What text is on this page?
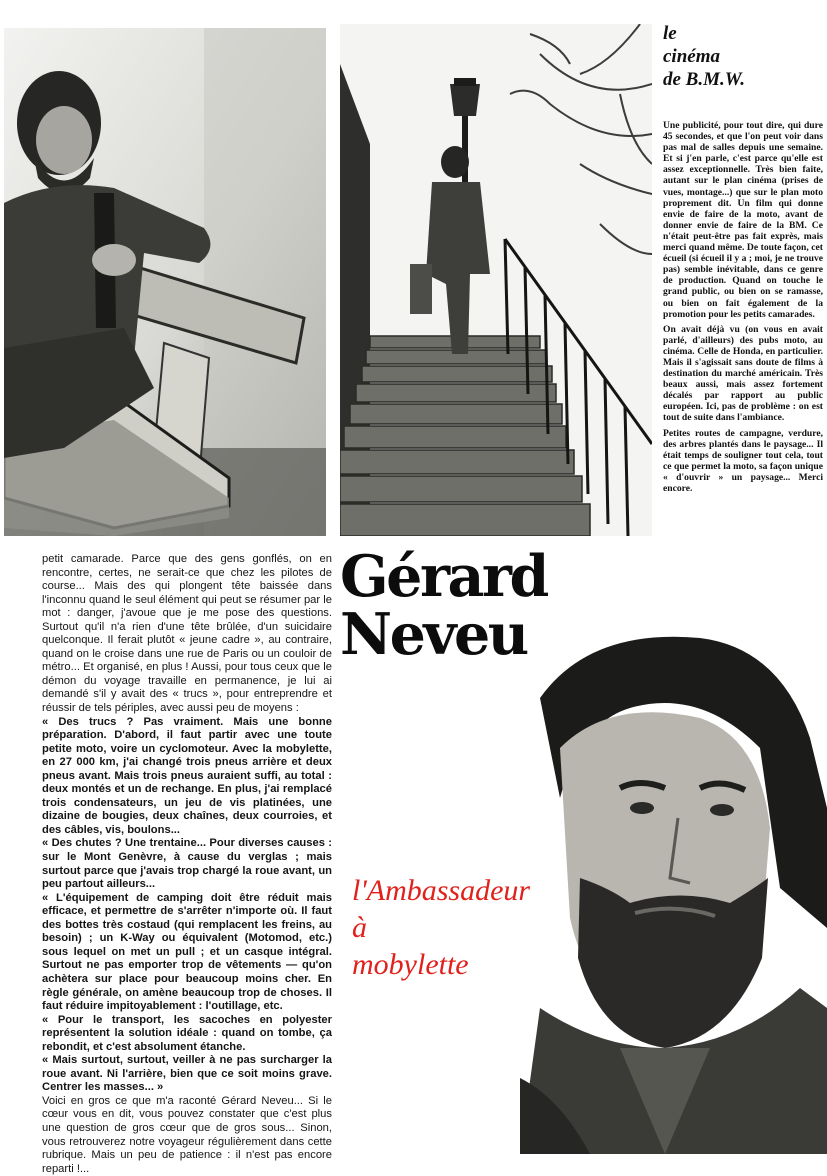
le
cinéma
de B.M.W.

Une publicité, pour tout dire, qui dure 45 secondes, et que l'on peut voir dans pas mal de salles depuis une semaine. Et si j'en parle, c'est parce qu'elle est assez exceptionnelle. Très bien faite, autant sur le plan cinéma (prises de vues, montage...) que sur le plan moto proprement dit. Un film qui donne envie de faire de la moto, avant de donner envie de faire de la BM. Ce n'était peut-être pas fait exprès, mais merci quand même. De toute façon, cet écueil (si écueil il y a ; moi, je ne trouve pas) semble inévitable, dans ce genre de production. Quand on touche le grand public, ou bien on se ramasse, ou bien on fait également de la promotion pour les petits camarades.

On avait déjà vu (on vous en avait parlé, d'ailleurs) des pubs moto, au cinéma. Celle de Honda, en particulier. Mais il s'agissait sans doute de films à destination du marché américain. Très beaux aussi, mais assez fortement décalés par rapport au public européen. Ici, pas de problème : on est tout de suite dans l'ambiance.

Petites routes de campagne, verdure, des arbres plantés dans le paysage... Il était temps de souligner tout cela, tout ce que permet la moto, sa façon unique « d'ouvrir » un paysage... Merci encore.

Gérard
Neveu
l'Ambassadeur
à
mobylette

petit camarade. Parce que des gens gonflés, on en rencontre, certes, ne serait-ce que chez les pilotes de course... Mais des qui plongent tête baissée dans l'inconnu quand le seul élément qui peut se résumer par le mot : danger, j'avoue que je me pose des questions. Surtout qu'il n'a rien d'une tête brûlée, d'un suicidaire quelconque. Il ferait plutôt « jeune cadre », au contraire, quand on le croise dans une rue de Paris ou un couloir de métro... Et organisé, en plus ! Aussi, pour tous ceux que le démon du voyage travaille en permanence, je lui ai demandé s'il y avait des « trucs », pour entreprendre et réussir de tels périples, avec aussi peu de moyens :

« Des trucs ? Pas vraiment. Mais une bonne préparation. D'abord, il faut partir avec une toute petite moto, voire un cyclomoteur. Avec la mobylette, en 27 000 km, j'ai changé trois pneus arrière et deux pneus avant. Mais trois pneus auraient suffi, au total : deux montés et un de rechange. En plus, j'ai remplacé trois condensateurs, un jeu de vis platinées, une dizaine de bougies, deux chaînes, deux courroies, et des câbles, vis, boulons...

« Des chutes ? Une trentaine... Pour diverses causes : sur le Mont Genèvre, à cause du verglas ; mais surtout parce que j'avais trop chargé la roue avant, un peu partout ailleurs...

« L'équipement de camping doit être réduit mais efficace, et permettre de s'arrêter n'importe où. Il faut des bottes très costaud (qui remplacent les freins, au besoin) ; un K-Way ou équivalent (Motomod, etc.) sous lequel on met un pull ; et un casque intégral. Surtout ne pas emporter trop de vêtements — qu'on achètera sur place pour beaucoup moins cher. En règle générale, on amène beaucoup trop de choses. Il faut réduire impitoyablement : l'outillage, etc.

« Pour le transport, les sacoches en polyester représentent la solution idéale : quand on tombe, ça rebondit, et c'est absolument étanche.

« Mais surtout, surtout, veiller à ne pas surcharger la roue avant. Ni l'arrière, bien que ce soit moins grave. Centrer les masses... »

Voici en gros ce que m'a raconté Gérard Neveu... Si le cœur vous en dit, vous pouvez constater que c'est plus une question de gros cœur que de gros sous... Sinon, vous retrouverez notre voyageur régulièrement dans cette rubrique. Mais un peu de patience : il n'est pas encore reparti !...
